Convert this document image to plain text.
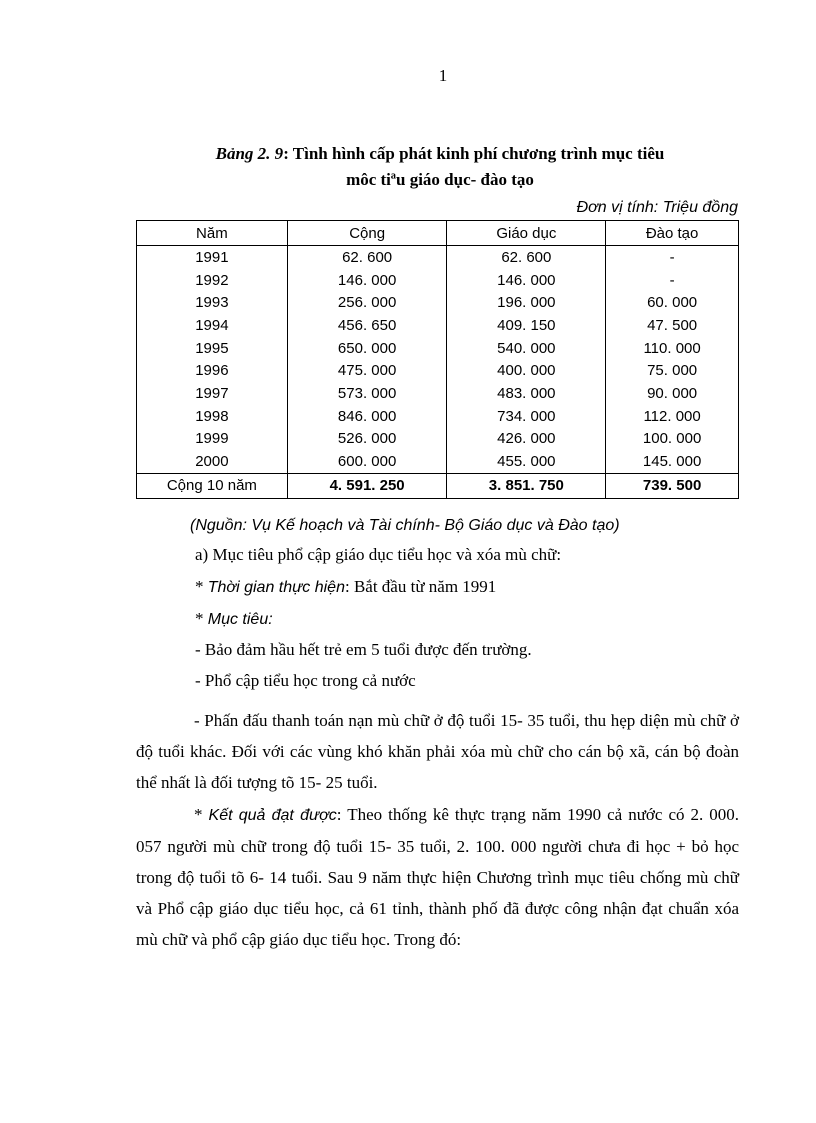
1
Bảng 2. 9: Tình hình cấp phát kinh phí chương trình mục tiêu
môc tiªu giáo dục- đào tạo
Đơn vị tính: Triệu đồng
Năm	Cộng	Giáo dục	Đào tạo
1991	62. 600	62. 600	-
1992	146. 000	146. 000	-
1993	256. 000	196. 000	60. 000
1994	456. 650	409. 150	47. 500
1995	650. 000	540. 000	110. 000
1996	475. 000	400. 000	75. 000
1997	573. 000	483. 000	90. 000
1998	846. 000	734. 000	112. 000
1999	526. 000	426. 000	100. 000
2000	600. 000	455. 000	145. 000
Cộng 10 năm	4. 591. 250	3. 851. 750	739. 500
(Nguồn: Vụ Kế hoạch và Tài chính- Bộ Giáo dục và Đào tạo)
a) Mục tiêu phổ cập giáo dục tiểu học và xóa mù chữ:
* Thời gian thực hiện: Bắt đầu từ năm 1991
* Mục tiêu:
- Bảo đảm hầu hết trẻ em 5 tuổi được đến trường.
- Phổ cập tiểu học trong cả nước
- Phấn đấu thanh toán nạn mù chữ ở độ tuổi 15- 35 tuổi, thu hẹp diện mù chữ ở độ tuổi khác. Đối với các vùng khó khăn phải xóa mù chữ cho cán bộ xã, cán bộ đoàn thể nhất là đối tượng tõ 15- 25 tuổi.
* Kết quả đạt được: Theo thống kê thực trạng năm 1990 cả nước có 2. 000. 057 người mù chữ trong độ tuổi 15- 35 tuổi, 2. 100. 000 người chưa đi học + bỏ học trong độ tuổi tõ 6- 14 tuổi. Sau 9 năm thực hiện Chương trình mục tiêu chống mù chữ và Phổ cập giáo dục tiểu học, cả 61 tỉnh, thành phố đã được công nhận đạt chuẩn xóa mù chữ và phổ cập giáo dục tiểu học. Trong đó:
